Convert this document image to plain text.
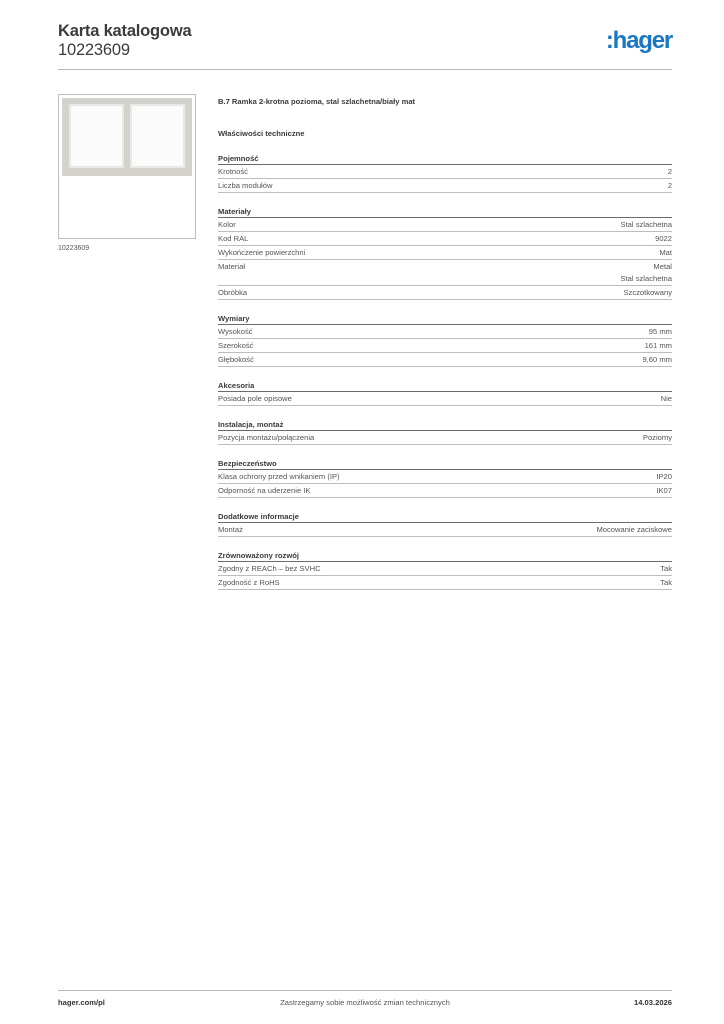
Karta katalogowa
10223609	:hager
10223609
B.7 Ramka 2-krotna pozioma, stal szlachetna/biały mat
Właściwości techniczne
Pojemność
Krotność	2
Liczba modułów	2
Materiały
Kolor	Stal szlachetna
Kod RAL	9022
Wykończenie powierzchni	Mat
Materiał	Metal
Stal szlachetna
Obróbka	Szczotkowany
Wymiary
Wysokość	95 mm
Szerokość	161 mm
Głębokość	9,60 mm
Akcesoria
Posiada pole opisowe	Nie
Instalacja, montaż
Pozycja montażu/połączenia	Poziomy
Bezpieczeństwo
Klasa ochrony przed wnikaniem (IP)	IP20
Odporność na uderzenie IK	IK07
Dodatkowe informacje
Montaż	Mocowanie zaciskowe
Zrównoważony rozwój
Zgodny z REACh – bez SVHC	Tak
Zgodność z RoHS	Tak
hager.com/pl	Zastrzegamy sobie możliwość zmian technicznych	14.03.2026
